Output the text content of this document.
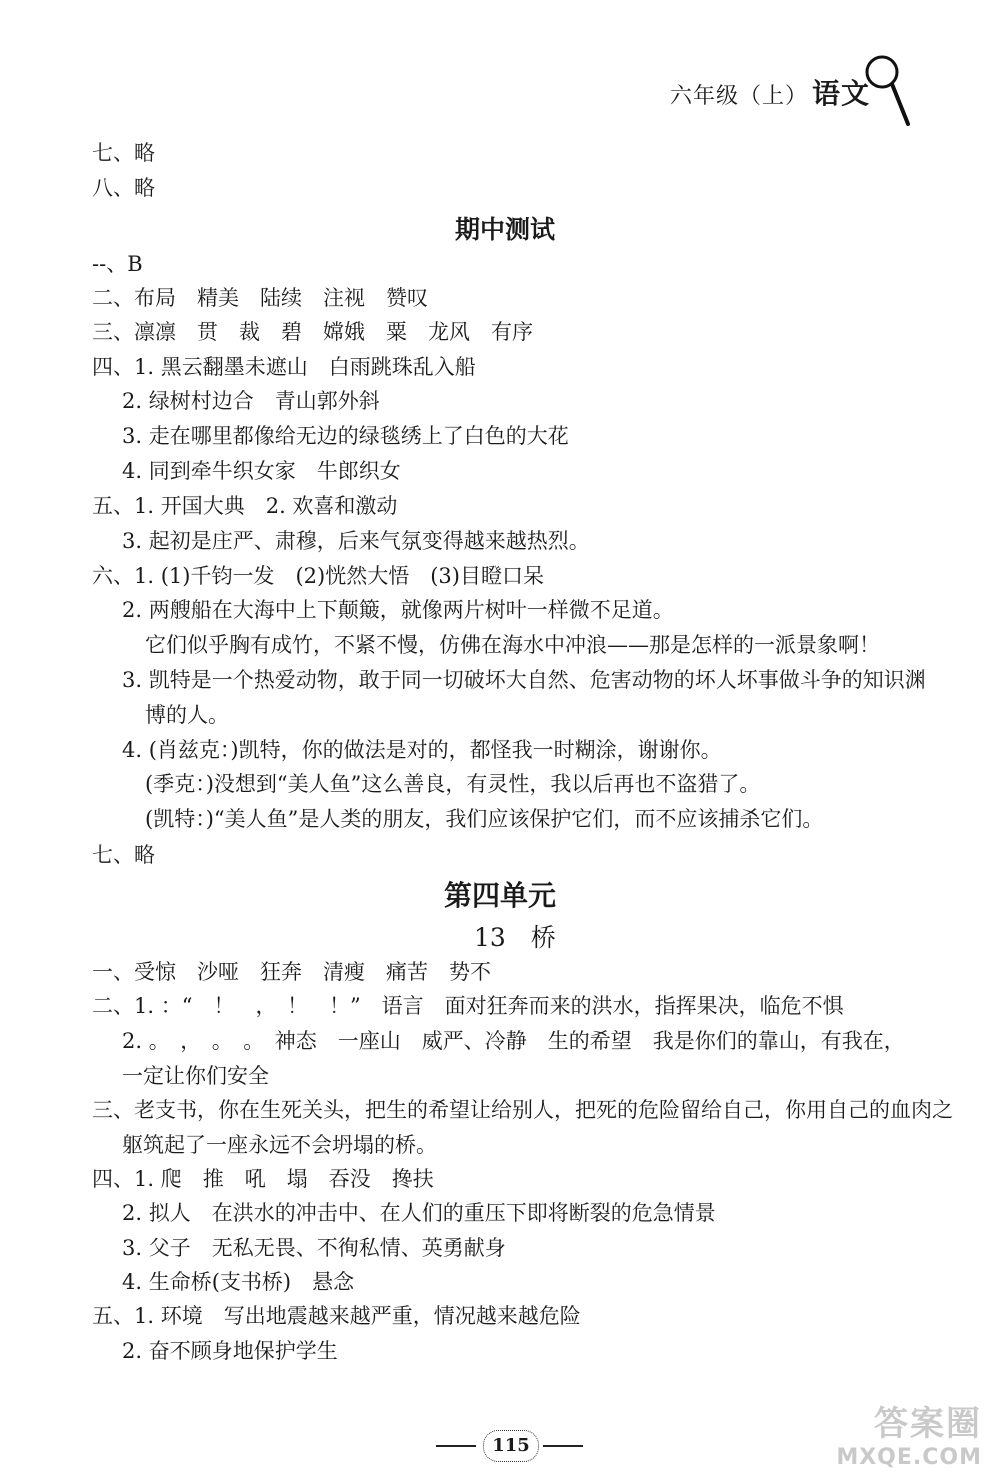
六年级（上） 语文
七、略
八、略
期中测试
--、B
二、布局　精美　陆续　注视　赞叹
三、凛凛　贯　裁　碧　嫦娥　粟　龙风　有序
四、1. 黑云翻墨未遮山　白雨跳珠乱入船
2. 绿树村边合　青山郭外斜
3. 走在哪里都像给无边的绿毯绣上了白色的大花
4. 同到牵牛织女家　牛郎织女
五、1. 开国大典　2. 欢喜和激动
3. 起初是庄严、肃穆，后来气氛变得越来越热烈。
六、1. (1)千钧一发　(2)恍然大悟　(3)目瞪口呆
2. 两艘船在大海中上下颠簸，就像两片树叶一样微不足道。
它们似乎胸有成竹，不紧不慢，仿佛在海水中冲浪——那是怎样的一派景象啊！
3. 凯特是一个热爱动物，敢于同一切破坏大自然、危害动物的坏人坏事做斗争的知识渊
博的人。
4. (肖兹克：)凯特，你的做法是对的，都怪我一时糊涂，谢谢你。
(季克：)没想到“美人鱼”这么善良，有灵性，我以后再也不盗猎了。
(凯特：)“美人鱼”是人类的朋友，我们应该保护它们，而不应该捕杀它们。
七、略
第四单元
13　桥
一、受惊　沙哑　狂奔　清瘦　痛苦　势不
二、1. ：“　！　，　！　！”　语言　面对狂奔而来的洪水，指挥果决，临危不惧
2. 。　，　。　。　神态　一座山　威严、冷静　生的希望　我是你们的靠山，有我在，
一定让你们安全
三、老支书，你在生死关头，把生的希望让给别人，把死的危险留给自己，你用自己的血肉之
躯筑起了一座永远不会坍塌的桥。
四、1. 爬　推　吼　塌　吞没　搀扶
2. 拟人　在洪水的冲击中、在人们的重压下即将断裂的危急情景
3. 父子　无私无畏、不徇私情、英勇献身
4. 生命桥(支书桥)　悬念
五、1. 环境　写出地震越来越严重，情况越来越危险
2. 奋不顾身地保护学生
115
答案圈
MXQE.COM
